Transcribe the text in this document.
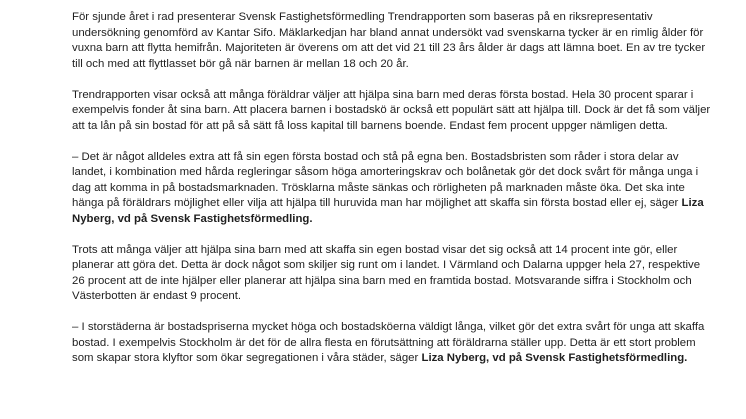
För sjunde året i rad presenterar Svensk Fastighetsförmedling Trendrapporten som baseras på en riksrepresentativ undersökning genomförd av Kantar Sifo. Mäklarkedjan har bland annat undersökt vad svenskarna tycker är en rimlig ålder för vuxna barn att flytta hemifrån. Majoriteten är överens om att det vid 21 till 23 års ålder är dags att lämna boet. En av tre tycker till och med att flyttlasset bör gå när barnen är mellan 18 och 20 år.

Trendrapporten visar också att många föräldrar väljer att hjälpa sina barn med deras första bostad. Hela 30 procent sparar i exempelvis fonder åt sina barn. Att placera barnen i bostadskö är också ett populärt sätt att hjälpa till. Dock är det få som väljer att ta lån på sin bostad för att på så sätt få loss kapital till barnens boende. Endast fem procent uppger nämligen detta.

– Det är något alldeles extra att få sin egen första bostad och stå på egna ben. Bostadsbristen som råder i stora delar av landet, i kombination med hårda regleringar såsom höga amorteringskrav och bolånetak gör det dock svårt för många unga i dag att komma in på bostadsmarknaden. Trösklarna måste sänkas och rörligheten på marknaden måste öka. Det ska inte hänga på föräldrars möjlighet eller vilja att hjälpa till huruvida man har möjlighet att skaffa sin första bostad eller ej, säger Liza Nyberg, vd på Svensk Fastighetsförmedling.

Trots att många väljer att hjälpa sina barn med att skaffa sin egen bostad visar det sig också att 14 procent inte gör, eller planerar att göra det. Detta är dock något som skiljer sig runt om i landet. I Värmland och Dalarna uppger hela 27, respektive 26 procent att de inte hjälper eller planerar att hjälpa sina barn med en framtida bostad. Motsvarande siffra i Stockholm och Västerbotten är endast 9 procent.

– I storstäderna är bostadspriserna mycket höga och bostadsköerna väldigt långa, vilket gör det extra svårt för unga att skaffa bostad. I exempelvis Stockholm är det för de allra flesta en förutsättning att föräldrarna ställer upp. Detta är ett stort problem som skapar stora klyftor som ökar segregationen i våra städer, säger Liza Nyberg, vd på Svensk Fastighetsförmedling.
